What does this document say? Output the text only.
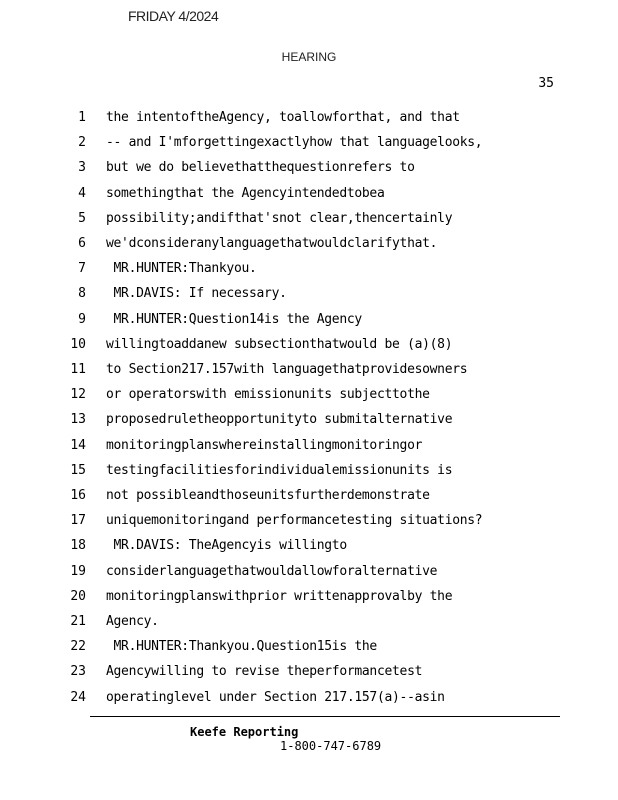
FRIDAY 4/2024
HEARING
35
1 the intentoftheAgency, toallowforthat, and that
2 -- and I'mforgettingexactlyhow that languagelooks,
3 but we do believethatthequestionrefers to
4 somethingthat the Agencyintendedtobea
5 possibility;andifthat'snot clear,thencertainly
6 we'dconsideranylanguagethatwouldclarifythat.
7 MR.HUNTER:Thankyou.
8 MR.DAVIS: If necessary.
9 MR.HUNTER:Question14is the Agency
10 willingtoaddanew subsectionthatwould be (a)(8)
11 to Section217.157with languagethatprovidesowners
12 or operatorswith emissionunits subjecttothe
13 proposedruletheopportunityto submitalternative
14 monitoringplanswhereinstallingmonitoringor
15 testingfacilitiesforindividualemissionunits is
16 not possibleandthoseunitsfurtherdemonstrate
17 uniquemonitoringand performancetesting situations?
18 MR.DAVIS: TheAgencyis willingto
19 considerlanguagethatwouldallowforalternative
20 monitoringplanswithprior writtenapprovalby the
21 Agency.
22 MR.HUNTER:Thankyou.Question15is the
23 Agencywilling to revise theperformancetest
24 operatinglevel under Section 217.157(a)--asin
Keefe Reporting
1-800-747-6789
